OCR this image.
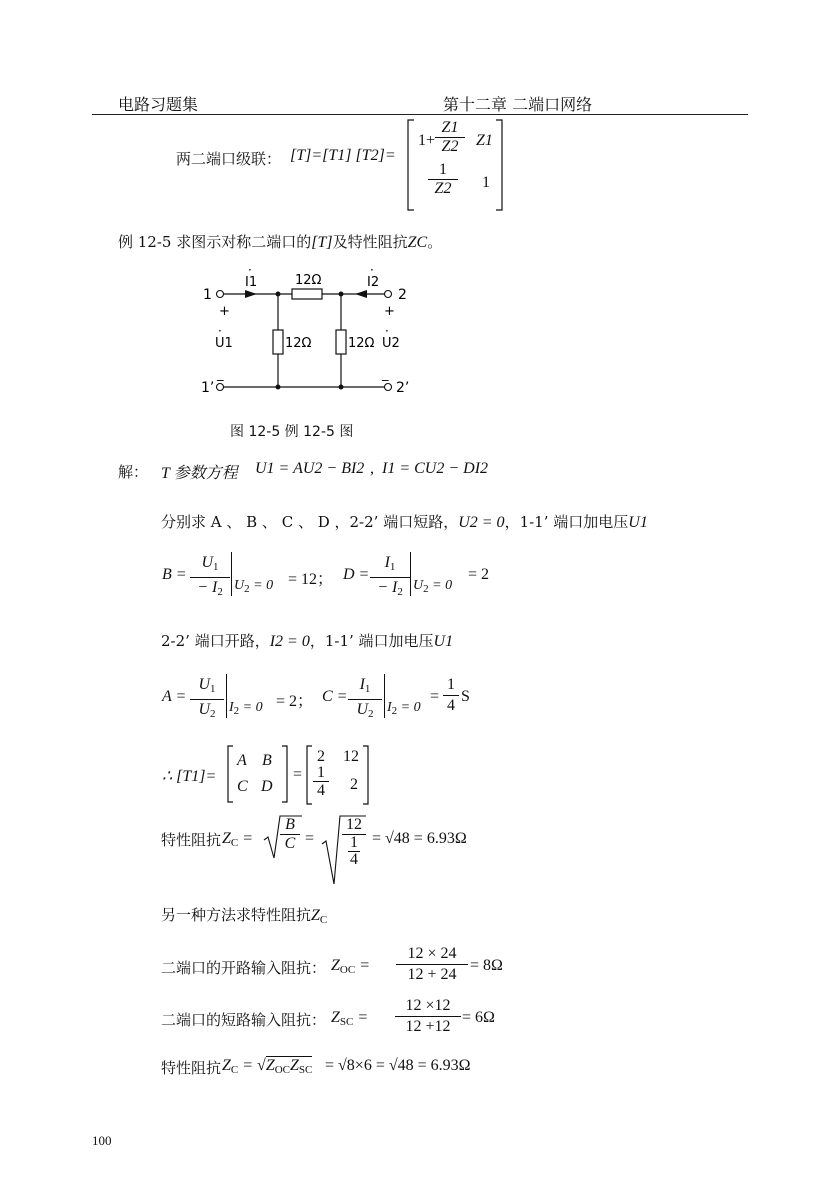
电路习题集	第十二章 二端口网络
两二端口级联： [T]=[T1] [T2]=
$1+ \frac{Z1}{Z2} Z1$
$\frac{1}{Z2} 1$
例 12-5 求图示对称二端口的[T]及特性阻抗ZC。
1
1’
2
2’
I1
·
I2
·
12Ω
12Ω	12Ω
+	+
_	_
U1
·
U2
·
图 12-5 例 12-5 图
解： T 参数方程 U1 = AU2 − BI2 , I1 = CU2 − DI2
分别求 A 、 B 、 C 、 D ，2-2’ 端口短路，U2 = 0，1-1’ 端口加电压U1
B =
$U_1$
− $I_2$ $U_2 = 0 = 12$； D =
$I_1$
− $I_2$ $U_2 = 0$
= 2
2-2’ 端口开路，I2 = 0，1-1’ 端口加电压U1
A =
$U_1$
$U_2$ $I_2 = 0 = 2$； C =
$I_1$
$U_2$ $I_2 = 0$
= $\frac{1}{4}$ S
∴ [T1]=
A B
C D
=
2 12
$\frac{1}{4} 2$
特性阻抗 $Z_C$ =
B
C =
12
1
4
= √48 = 6.93Ω
另一种方法求特性阻抗$Z_C$
二端口的开路输入阻抗： $Z_{OC} = \frac{12 \times 24}{12 + 24} = 8\Omega$
二端口的短路输入阻抗： $Z_{SC} = \frac{12 \times 12}{12 +12} = 6\Omega$
特性阻抗 $Z_C = √Z_{OC}Z_{SC} = √8\times 6 = √48 = 6.93\Omega$
100
